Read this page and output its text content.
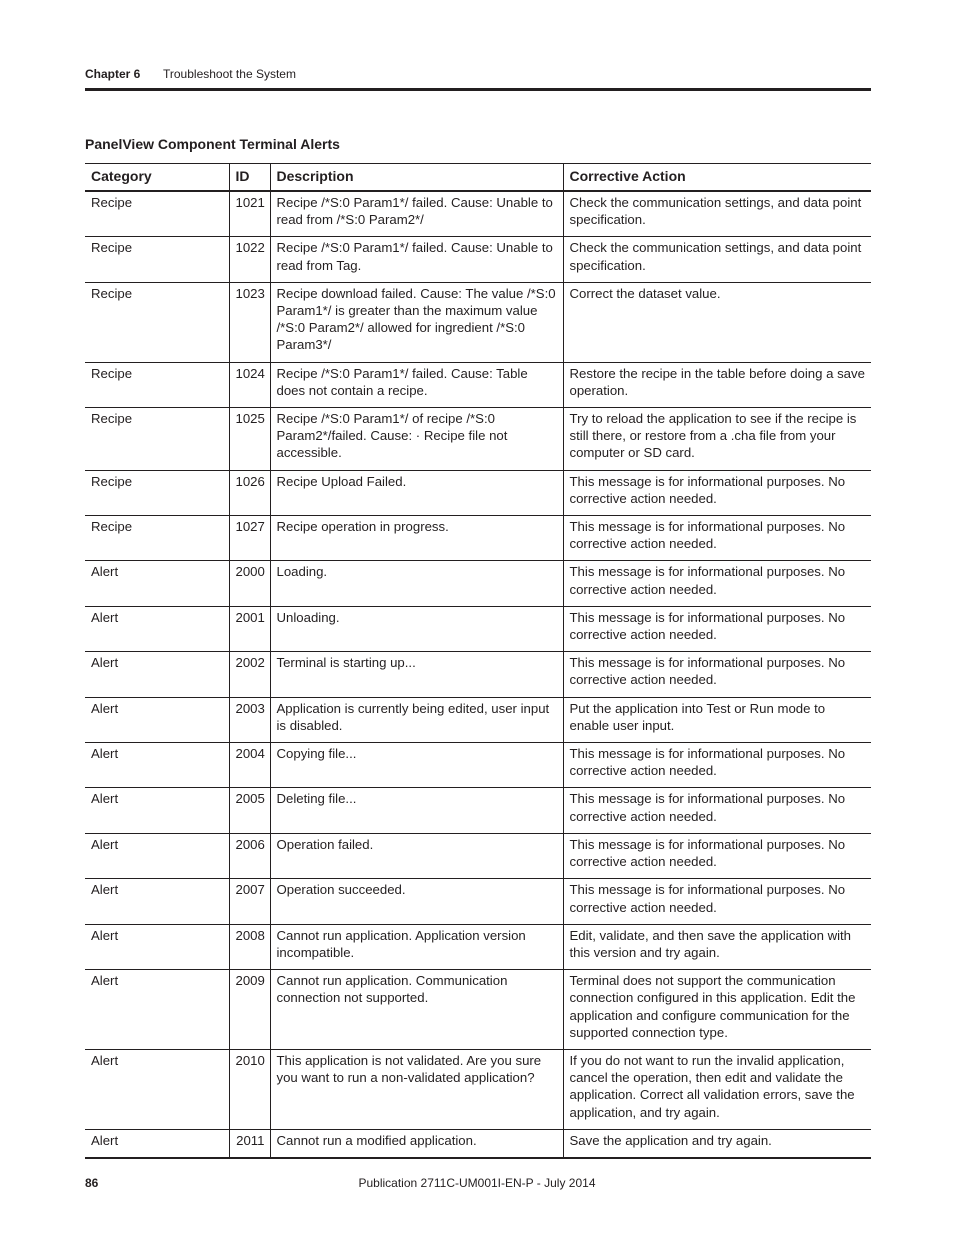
Chapter 6 Troubleshoot the System
PanelView Component Terminal Alerts
Category	ID	Description	Corrective Action
Recipe	1021	Recipe /*S:0 Param1*/ failed. Cause: Unable to read from /*S:0 Param2*/	Check the communication settings, and data point specification.
Recipe	1022	Recipe /*S:0 Param1*/ failed. Cause: Unable to read from Tag.	Check the communication settings, and data point specification.
Recipe	1023	Recipe download failed. Cause: The value /*S:0 Param1*/ is greater than the maximum value /*S:0 Param2*/ allowed for ingredient /*S:0 Param3*/	Correct the dataset value.
Recipe	1024	Recipe /*S:0 Param1*/ failed. Cause: Table does not contain a recipe.	Restore the recipe in the table before doing a save operation.
Recipe	1025	Recipe /*S:0 Param1*/ of recipe /*S:0 Param2*/failed. Cause: · Recipe file not accessible.	Try to reload the application to see if the recipe is still there, or restore from a .cha file from your computer or SD card.
Recipe	1026	Recipe Upload Failed.	This message is for informational purposes. No corrective action needed.
Recipe	1027	Recipe operation in progress.	This message is for informational purposes. No corrective action needed.
Alert	2000	Loading.	This message is for informational purposes. No corrective action needed.
Alert	2001	Unloading.	This message is for informational purposes. No corrective action needed.
Alert	2002	Terminal is starting up...	This message is for informational purposes. No corrective action needed.
Alert	2003	Application is currently being edited, user input is disabled.	Put the application into Test or Run mode to enable user input.
Alert	2004	Copying file...	This message is for informational purposes. No corrective action needed.
Alert	2005	Deleting file...	This message is for informational purposes. No corrective action needed.
Alert	2006	Operation failed.	This message is for informational purposes. No corrective action needed.
Alert	2007	Operation succeeded.	This message is for informational purposes. No corrective action needed.
Alert	2008	Cannot run application. Application version incompatible.	Edit, validate, and then save the application with this version and try again.
Alert	2009	Cannot run application. Communication connection not supported.	Terminal does not support the communication connection configured in this application. Edit the application and configure communication for the supported connection type.
Alert	2010	This application is not validated. Are you sure you want to run a non-validated application?	If you do not want to run the invalid application, cancel the operation, then edit and validate the application. Correct all validation errors, save the application, and try again.
Alert	2011	Cannot run a modified application.	Save the application and try again.
86	Publication 2711C-UM001I-EN-P - July 2014
